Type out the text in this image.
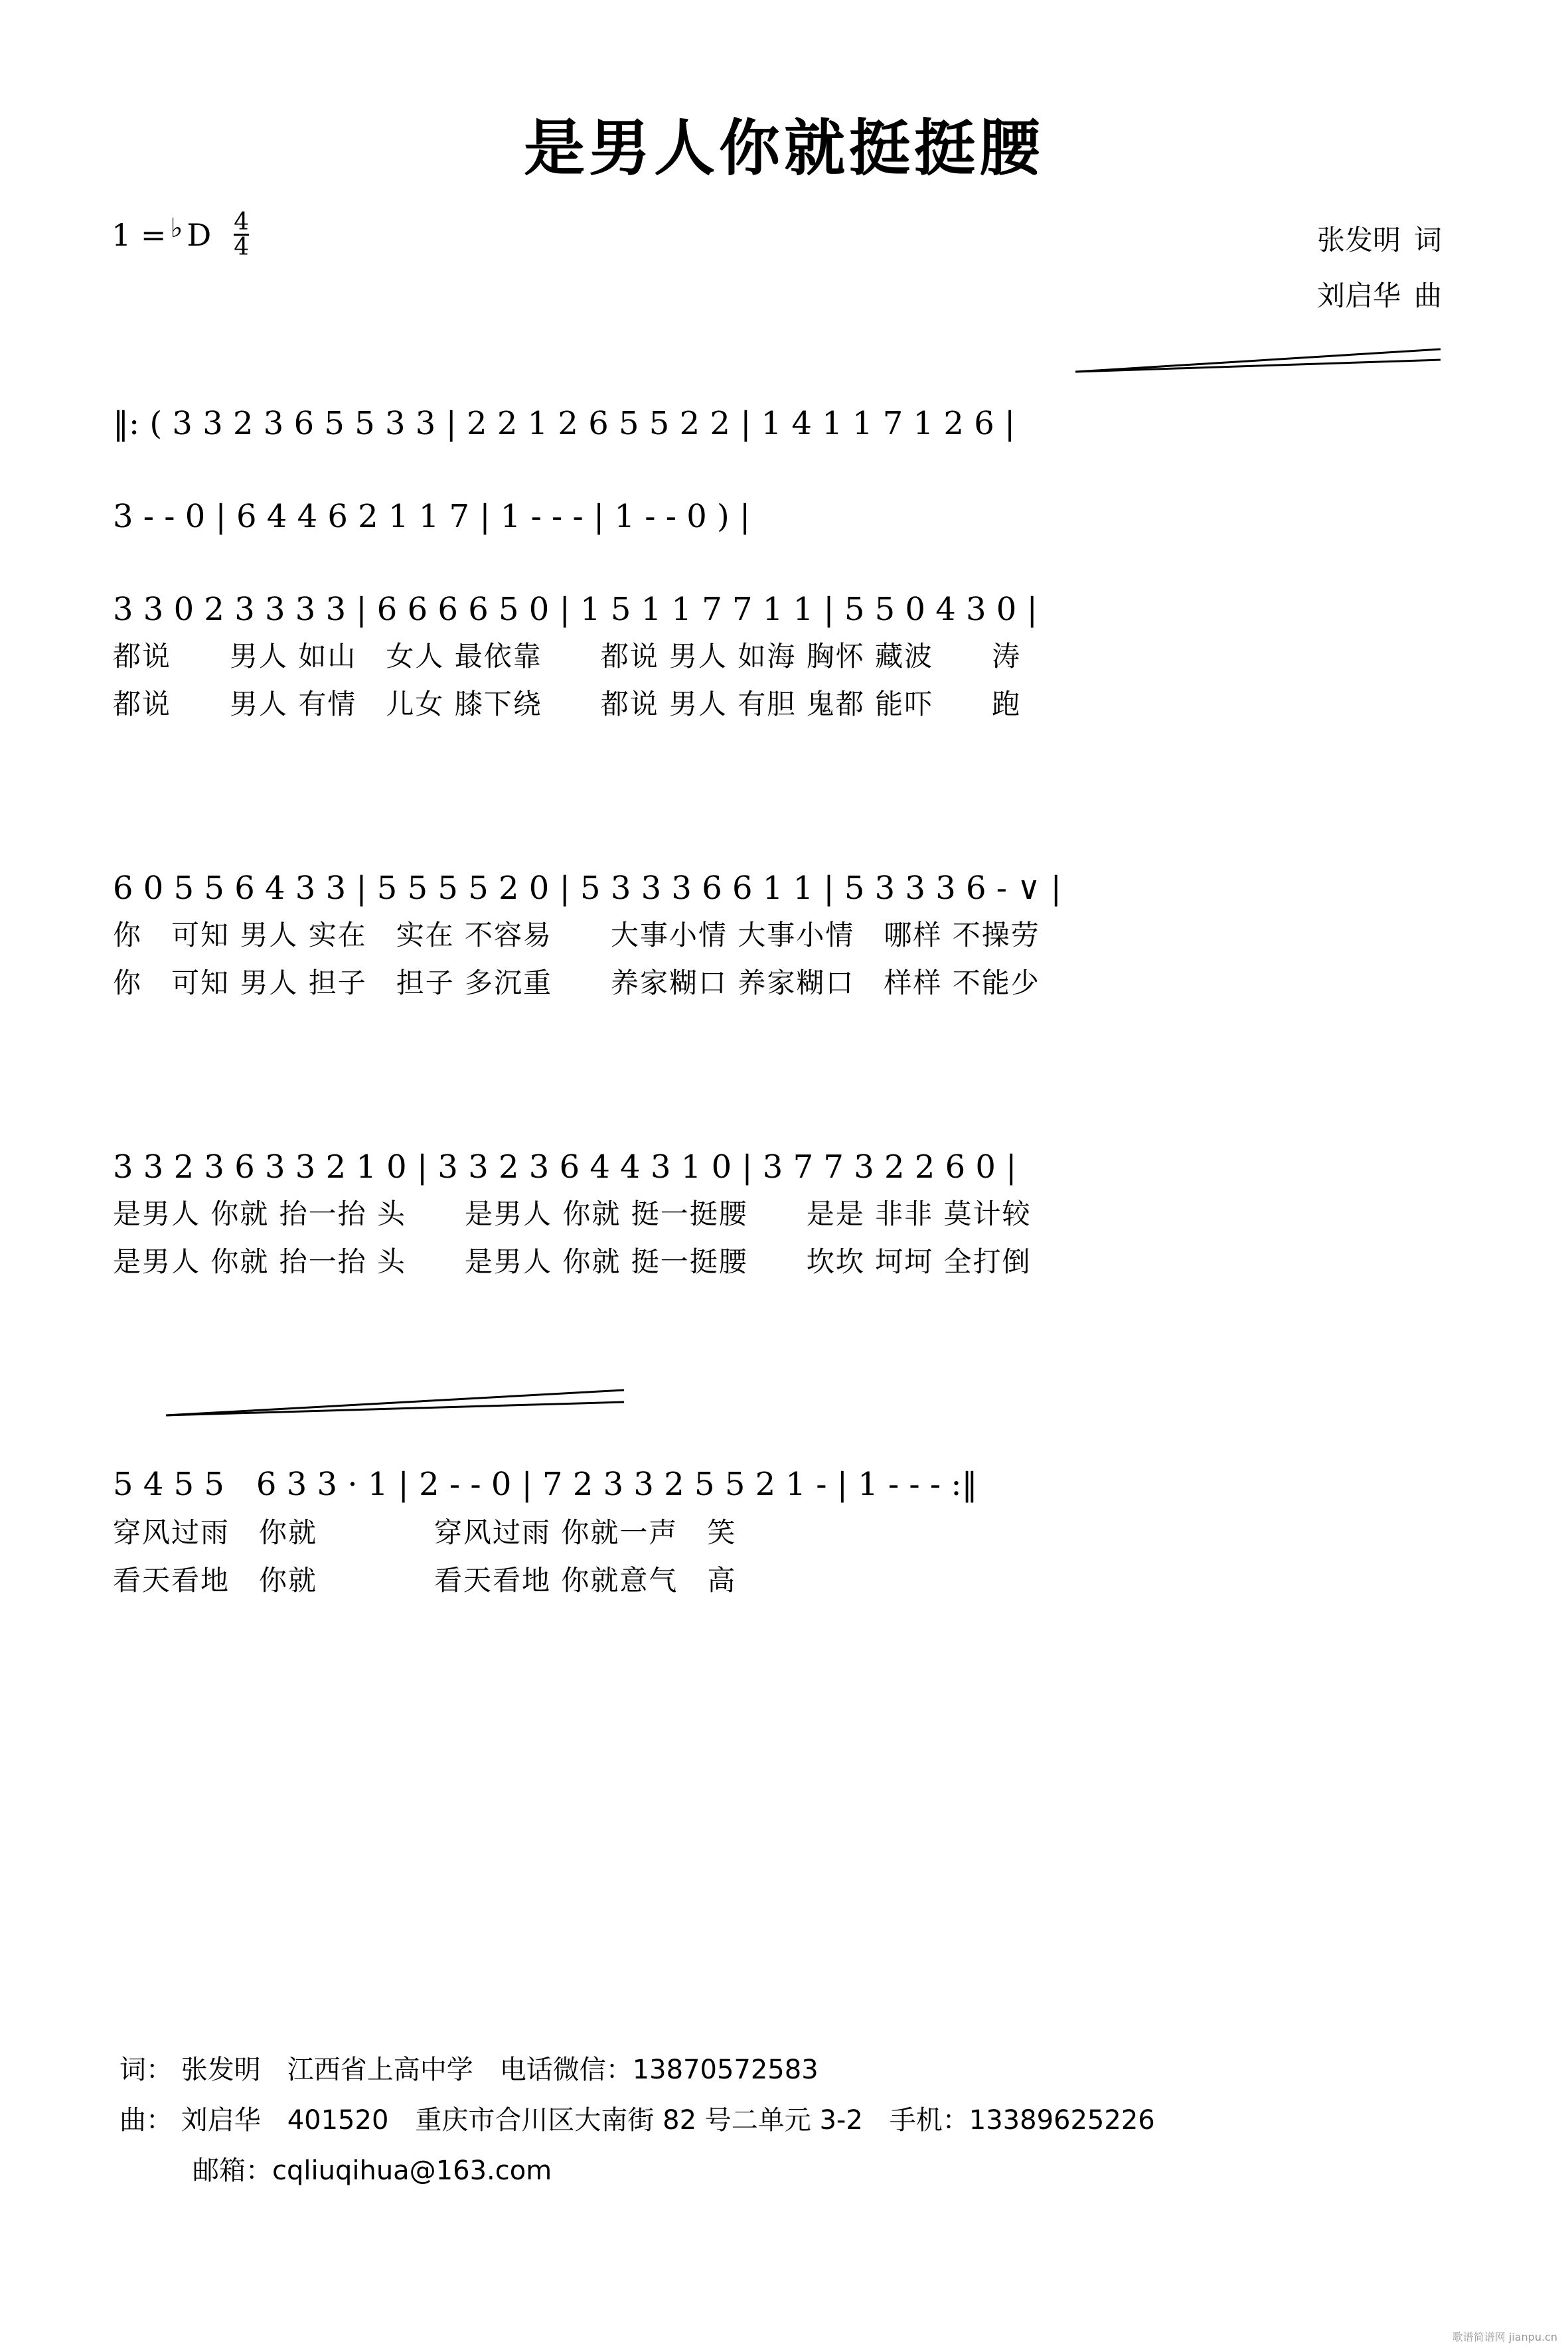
是男人你就挺挺腰
1 = ♭ D $\frac{4}{4}$	张发明 词
刘启华 曲
‖: ( 3 3 2 3 6 5 5 3 3 | 2 2 1 2 6 5 5 2 2 | 1 4 1 1 7 1 2 6 |
3 - - 0 | 6 4 4 6 2 1 1 7 | 1 - - - | 1 - - 0 ) |
3 3 0 2 3 3 3 3 | 6 6 6 6 5 0 | 1 5 1 1 7 7 1 1 | 5 5 0 4 3 0 |
都说　　男人 如山　女人 最依靠　　都说 男人 如海 胸怀 藏波　　涛
都说　　男人 有情　儿女 膝下绕　　都说 男人 有胆 鬼都 能吓　　跑
6 0 5 5 6 4 3 3 | 5 5 5 5 2 0 | 5 3 3 3 6 6 1 1 | 5 3 3 3 6 - ∨ |
你　可知 男人 实在　实在 不容易　　大事小情 大事小情　哪样 不操劳
你　可知 男人 担子　担子 多沉重　　养家糊口 养家糊口　样样 不能少
3 3 2 3 6 3 3 2 1 0 | 3 3 2 3 6 4 4 3 1 0 | 3 7 7 3 2 2 6 0 |
是男人 你就 抬一抬 头　　是男人 你就 挺一挺腰　　是是 非非 莫计较
是男人 你就 抬一抬 头　　是男人 你就 挺一挺腰　　坎坎 坷坷 全打倒
5 4 5 5　6 3 3 · 1 | 2 - - 0 | 7 2 3 3 2 5 5 2 1 - | 1 - - - :‖
穿风过雨　你就　　　　穿风过雨 你就一声　笑
看天看地　你就　　　　看天看地 你就意气　高
词： 张发明　江西省上高中学　电话微信：13870572583
曲： 刘启华　401520　重庆市合川区大南街 82 号二单元 3-2　手机：13389625226
邮箱：cqliuqihua@163.com
歌谱简谱网 jianpu.cn
